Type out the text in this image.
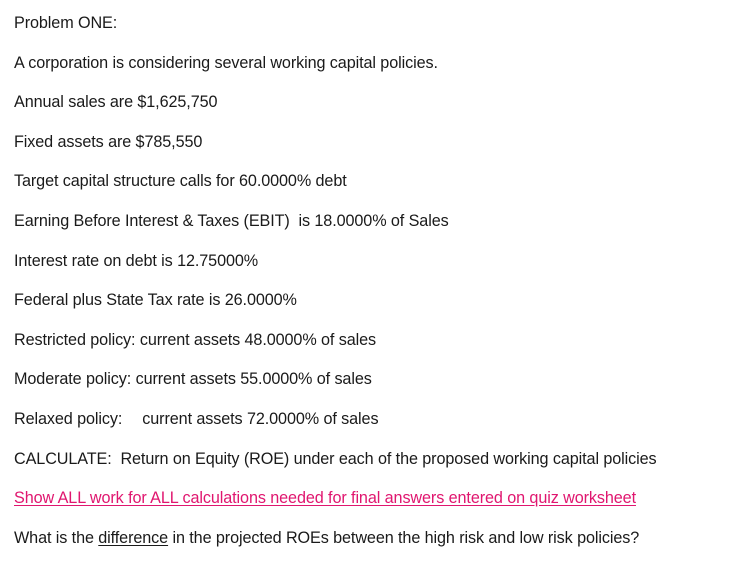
Problem ONE:
A corporation is considering several working capital policies.
Annual sales are $1,625,750
Fixed assets are $785,550
Target capital structure calls for 60.0000% debt
Earning Before Interest & Taxes (EBIT)  is 18.0000% of Sales
Interest rate on debt is 12.75000%
Federal plus State Tax rate is 26.0000%
Restricted policy: current assets 48.0000% of sales
Moderate policy: current assets 55.0000% of sales
Relaxed policy: current assets 72.0000% of sales
CALCULATE:  Return on Equity (ROE) under each of the proposed working capital policies
Show ALL work for ALL calculations needed for final answers entered on quiz worksheet
What is the difference in the projected ROEs between the high risk and low risk policies?
